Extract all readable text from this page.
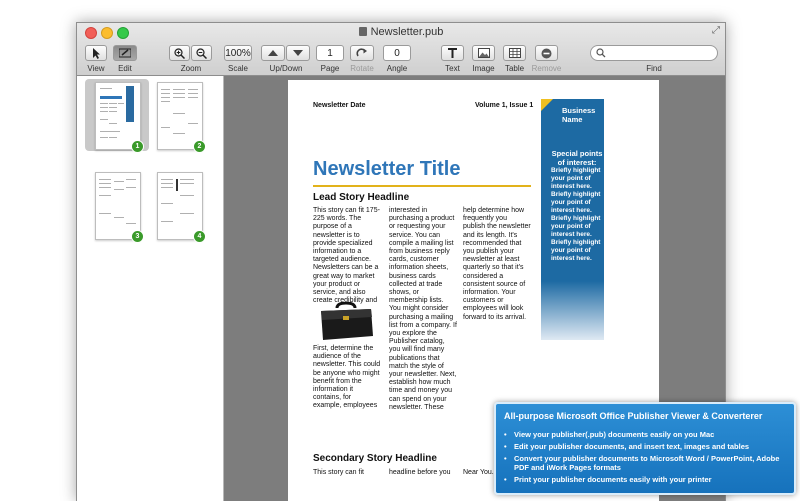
Newsletter.pub	⤢
View	Edit	Zoom
100%
Scale	Up/Down
1
Page	Rotate
0
Angle	Text	Image	Table Remove	Find
1	2
3	4
Newsletter Date	Volume 1, Issue 1
Business Name
Special points of interest:
Briefly highlight your point of interest here.
Briefly highlight your point of interest here.
Briefly highlight your point of interest here.
Briefly highlight your point of interest here.
Newsletter Title
Lead Story Headline

This story can fit 175-225 words. The purpose of a newsletter is to provide specialized information to a targeted audience. Newsletters can be a great way to market your product or service, and also create credibility and

First, determine the audience of the newsletter. This could be anyone who might benefit from the information it contains, for example, employees

interested in purchasing a product or requesting your service. You can compile a mailing list from business reply cards, customer information sheets, business cards collected at trade shows, or membership lists. You might consider purchasing a mailing list from a company. If you explore the Publisher catalog, you will find many publications that match the style of your newsletter. Next, establish how much time and money you can spend on your newsletter. These

help determine how frequently you publish the newsletter and its length. It's recommended that you publish your newsletter at least quarterly so that it's considered a consistent source of information. Your customers or employees will look forward to its arrival.

Secondary Story Headline
This story can fit	headline before you	Near You.
All-purpose Microsoft Office Publisher Viewer & Converterer
• View your publisher(.pub) documents easily on you Mac
• Edit your publisher documents, and insert text, images and tables
• Convert your publisher documents to Microsoft Word / PowerPoint, Adobe PDF and iWork Pages formats
• Print your publisher documents easily with your printer
